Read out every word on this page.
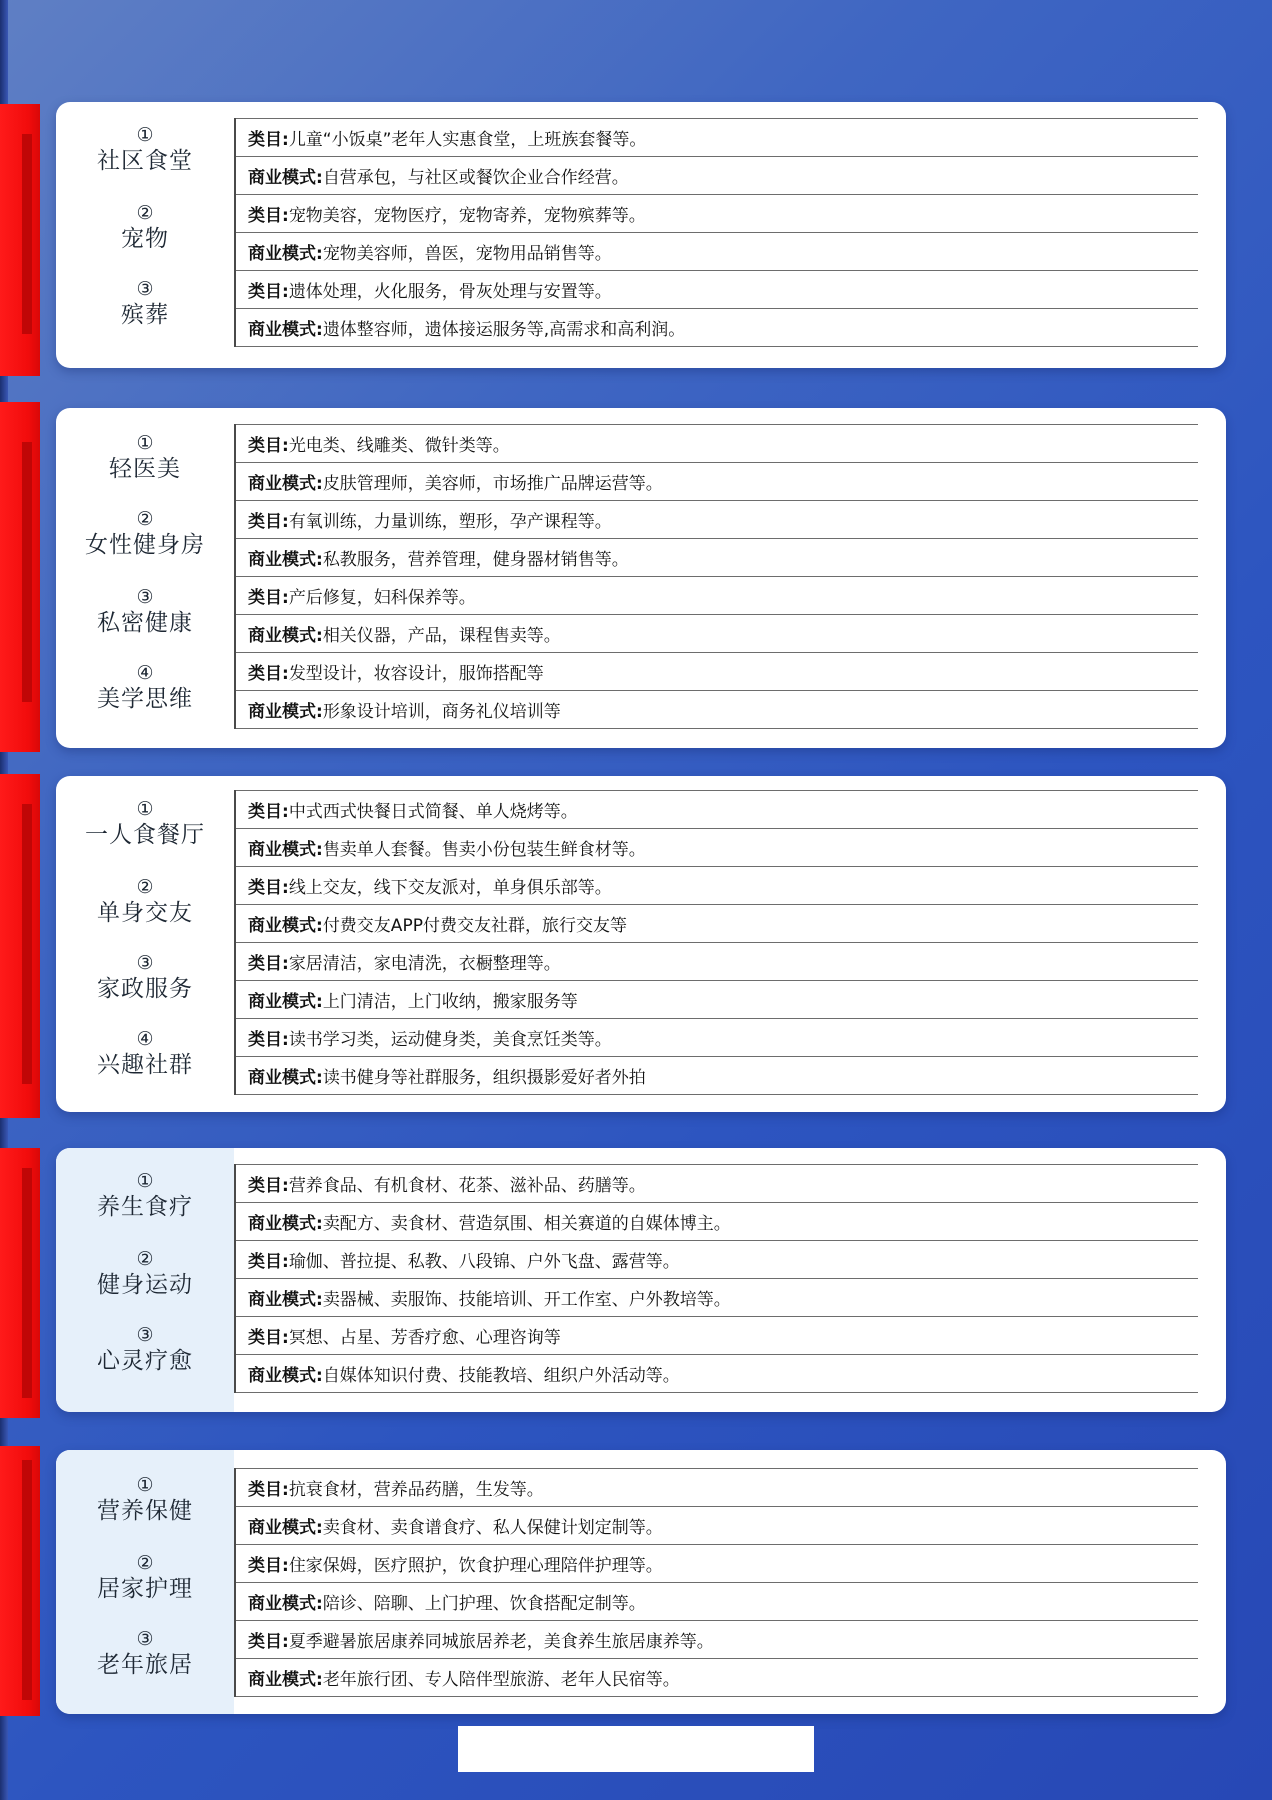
①
社区食堂
②
宠物
③
殡葬
类目: 儿童“小饭桌”老年人实惠食堂，上班族套餐等。
商业模式: 自营承包，与社区或餐饮企业合作经营。
类目: 宠物美容，宠物医疗，宠物寄养，宠物殡葬等。
商业模式: 宠物美容师，兽医，宠物用品销售等。
类目: 遗体处理，火化服务，骨灰处理与安置等。
商业模式: 遗体整容师，遗体接运服务等,高需求和高利润。
①
轻医美
②
女性健身房
③
私密健康
④
美学思维
类目: 光电类、线雕类、微针类等。
商业模式: 皮肤管理师，美容师，市场推广品牌运营等。
类目: 有氧训练，力量训练，塑形，孕产课程等。
商业模式: 私教服务，营养管理，健身器材销售等。
类目: 产后修复，妇科保养等。
商业模式: 相关仪器，产品，课程售卖等。
类目: 发型设计，妆容设计，服饰搭配等
商业模式: 形象设计培训，商务礼仪培训等
①
一人食餐厅
②
单身交友
③
家政服务
④
兴趣社群
类目: 中式西式快餐日式简餐、单人烧烤等。
商业模式: 售卖单人套餐。售卖小份包装生鲜食材等。
类目: 线上交友，线下交友派对，单身俱乐部等。
商业模式: 付费交友APP付费交友社群，旅行交友等
类目: 家居清洁，家电清洗，衣橱整理等。
商业模式: 上门清洁，上门收纳，搬家服务等
类目: 读书学习类，运动健身类，美食烹饪类等。
商业模式: 读书健身等社群服务，组织摄影爱好者外拍
①
养生食疗
②
健身运动
③
心灵疗愈
类目: 营养食品、有机食材、花茶、滋补品、药膳等。
商业模式: 卖配方、卖食材、营造氛围、相关赛道的自媒体博主。
类目: 瑜伽、普拉提、私教、八段锦、户外飞盘、露营等。
商业模式: 卖器械、卖服饰、技能培训、开工作室、户外教培等。
类目: 冥想、占星、芳香疗愈、心理咨询等
商业模式: 自媒体知识付费、技能教培、组织户外活动等。
①
营养保健
②
居家护理
③
老年旅居
类目: 抗衰食材，营养品药膳，生发等。
商业模式: 卖食材、卖食谱食疗、私人保健计划定制等。
类目: 住家保姆，医疗照护，饮食护理心理陪伴护理等。
商业模式: 陪诊、陪聊、上门护理、饮食搭配定制等。
类目: 夏季避暑旅居康养同城旅居养老，美食养生旅居康养等。
商业模式: 老年旅行团、专人陪伴型旅游、老年人民宿等。
